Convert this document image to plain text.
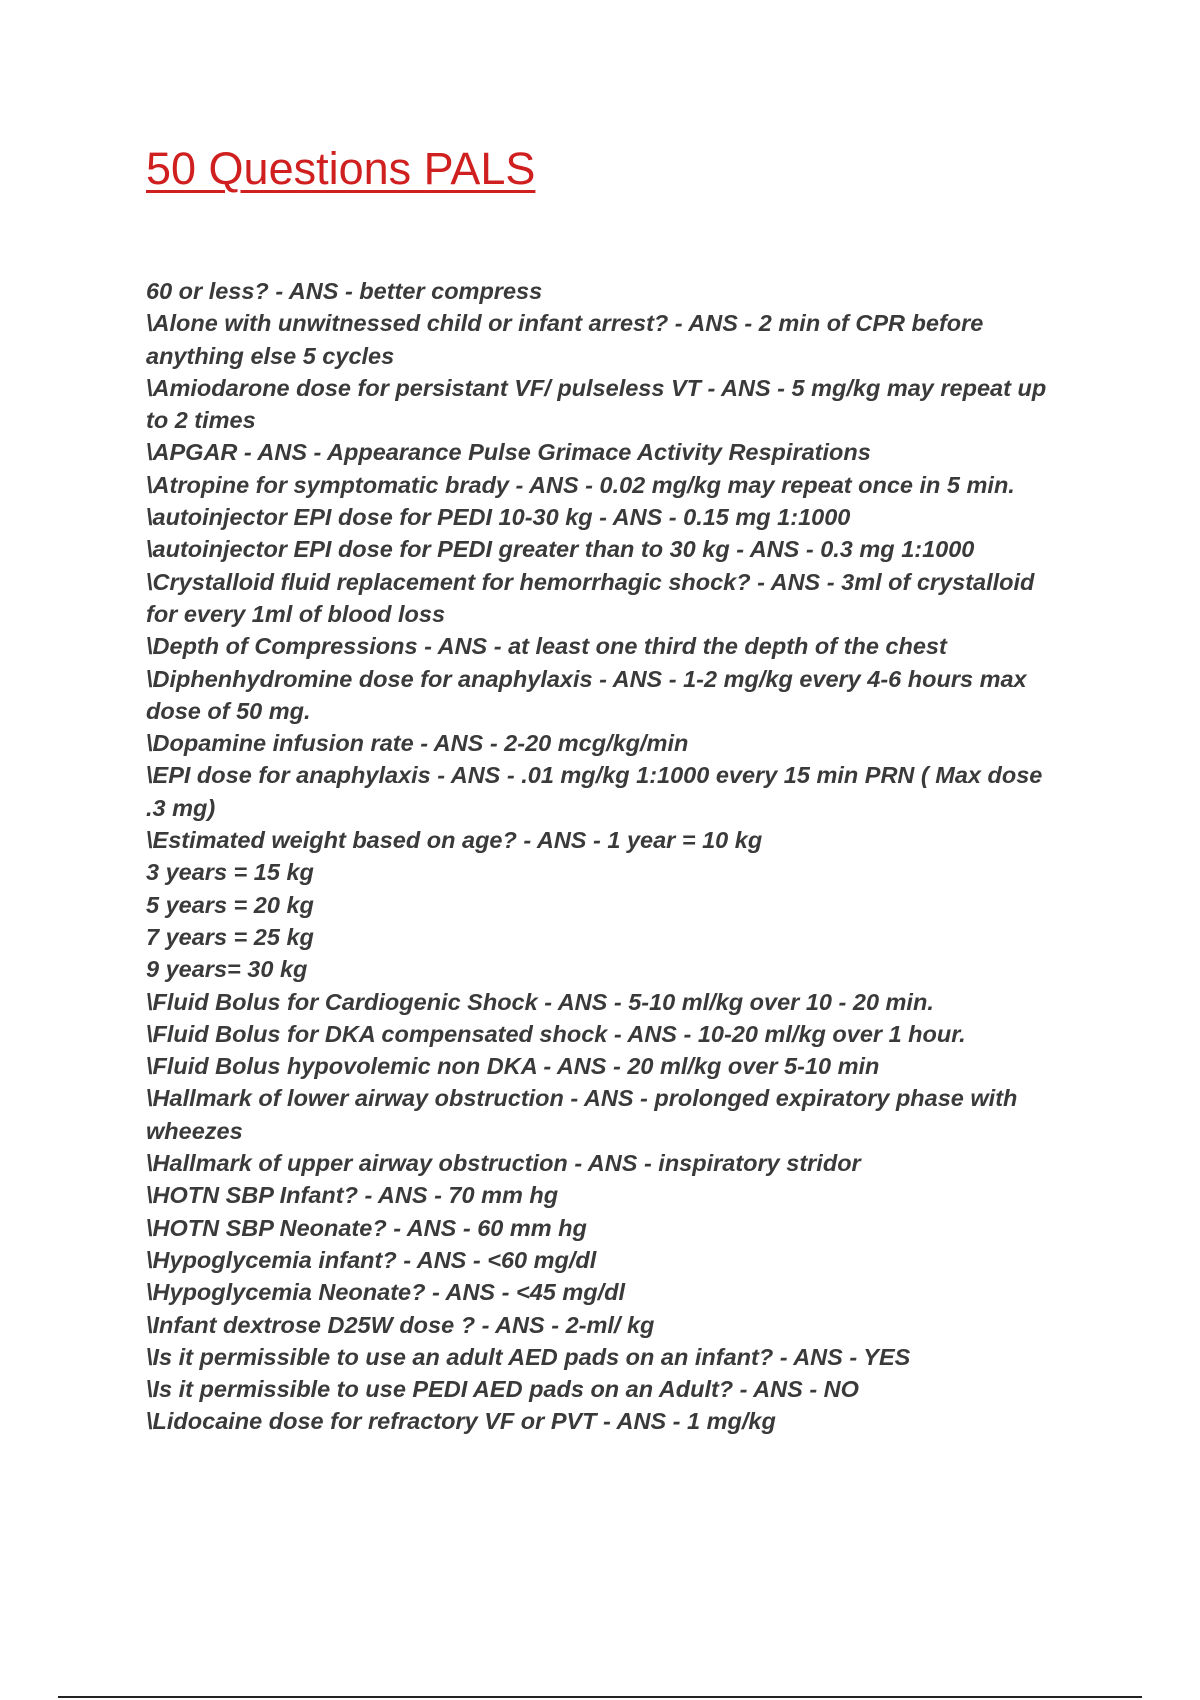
50 Questions PALS
60 or less? - ANS - better compress
\Alone with unwitnessed child or infant arrest? - ANS - 2 min of CPR before
anything else 5 cycles
\Amiodarone dose for persistant VF/ pulseless VT - ANS - 5 mg/kg may repeat up
to 2 times
\APGAR - ANS - Appearance Pulse Grimace Activity Respirations
\Atropine for symptomatic brady - ANS - 0.02 mg/kg may repeat once in 5 min.
\autoinjector EPI dose for PEDI 10-30 kg - ANS - 0.15 mg 1:1000
\autoinjector EPI dose for PEDI greater than to 30 kg - ANS - 0.3 mg 1:1000
\Crystalloid fluid replacement for hemorrhagic shock? - ANS - 3ml of crystalloid
for every 1ml of blood loss
\Depth of Compressions - ANS - at least one third the depth of the chest
\Diphenhydromine dose for anaphylaxis - ANS - 1-2 mg/kg every 4-6 hours max
dose of 50 mg.
\Dopamine infusion rate - ANS - 2-20 mcg/kg/min
\EPI dose for anaphylaxis - ANS - .01 mg/kg 1:1000 every 15 min PRN ( Max dose
.3 mg)
\Estimated weight based on age? - ANS - 1 year = 10 kg
3 years = 15 kg
5 years = 20 kg
7 years = 25 kg
9 years= 30 kg
\Fluid Bolus for Cardiogenic Shock - ANS - 5-10 ml/kg over 10 - 20 min.
\Fluid Bolus for DKA compensated shock - ANS - 10-20 ml/kg over 1 hour.
\Fluid Bolus hypovolemic non DKA - ANS - 20 ml/kg over 5-10 min
\Hallmark of lower airway obstruction - ANS - prolonged expiratory phase with
wheezes
\Hallmark of upper airway obstruction - ANS - inspiratory stridor
\HOTN SBP Infant? - ANS - 70 mm hg
\HOTN SBP Neonate? - ANS - 60 mm hg
\Hypoglycemia infant? - ANS - <60 mg/dl
\Hypoglycemia Neonate? - ANS - <45 mg/dl
\Infant dextrose D25W dose ? - ANS - 2-ml/ kg
\Is it permissible to use an adult AED pads on an infant? - ANS - YES
\Is it permissible to use PEDI AED pads on an Adult? - ANS - NO
\Lidocaine dose for refractory VF or PVT - ANS - 1 mg/kg
